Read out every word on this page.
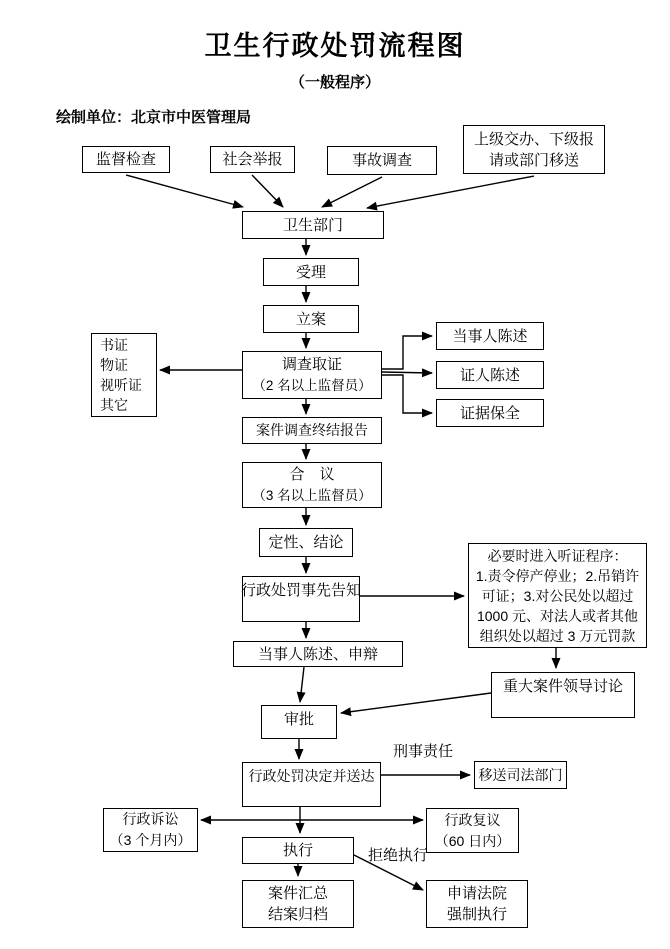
卫生行政处罚流程图
（一般程序）
绘制单位：北京市中医管理局
监督检查	社会举报	事故调查
上级交办、下级报
请或部门移送
卫生部门
受理
立案
书证
物证
视听证
其它
调查取证
（2 名以上监督员）
当事人陈述
证人陈述
证据保全
案件调查终结报告
合　议
（3 名以上监督员）
定性、结论
行政处罚事先告知
必要时进入听证程序：
1.责令停产停业；2.吊销许
可证；3.对公民处以超过
1000 元、对法人或者其他
组织处以超过 3 万元罚款
当事人陈述、申辩
重大案件领导讨论
审批
行政处罚决定并送达	移送司法部门
行政诉讼
（3 个月内）
行政复议
（60 日内）
执行
案件汇总
结案归档
申请法院
强制执行
刑事责任
拒绝执行
